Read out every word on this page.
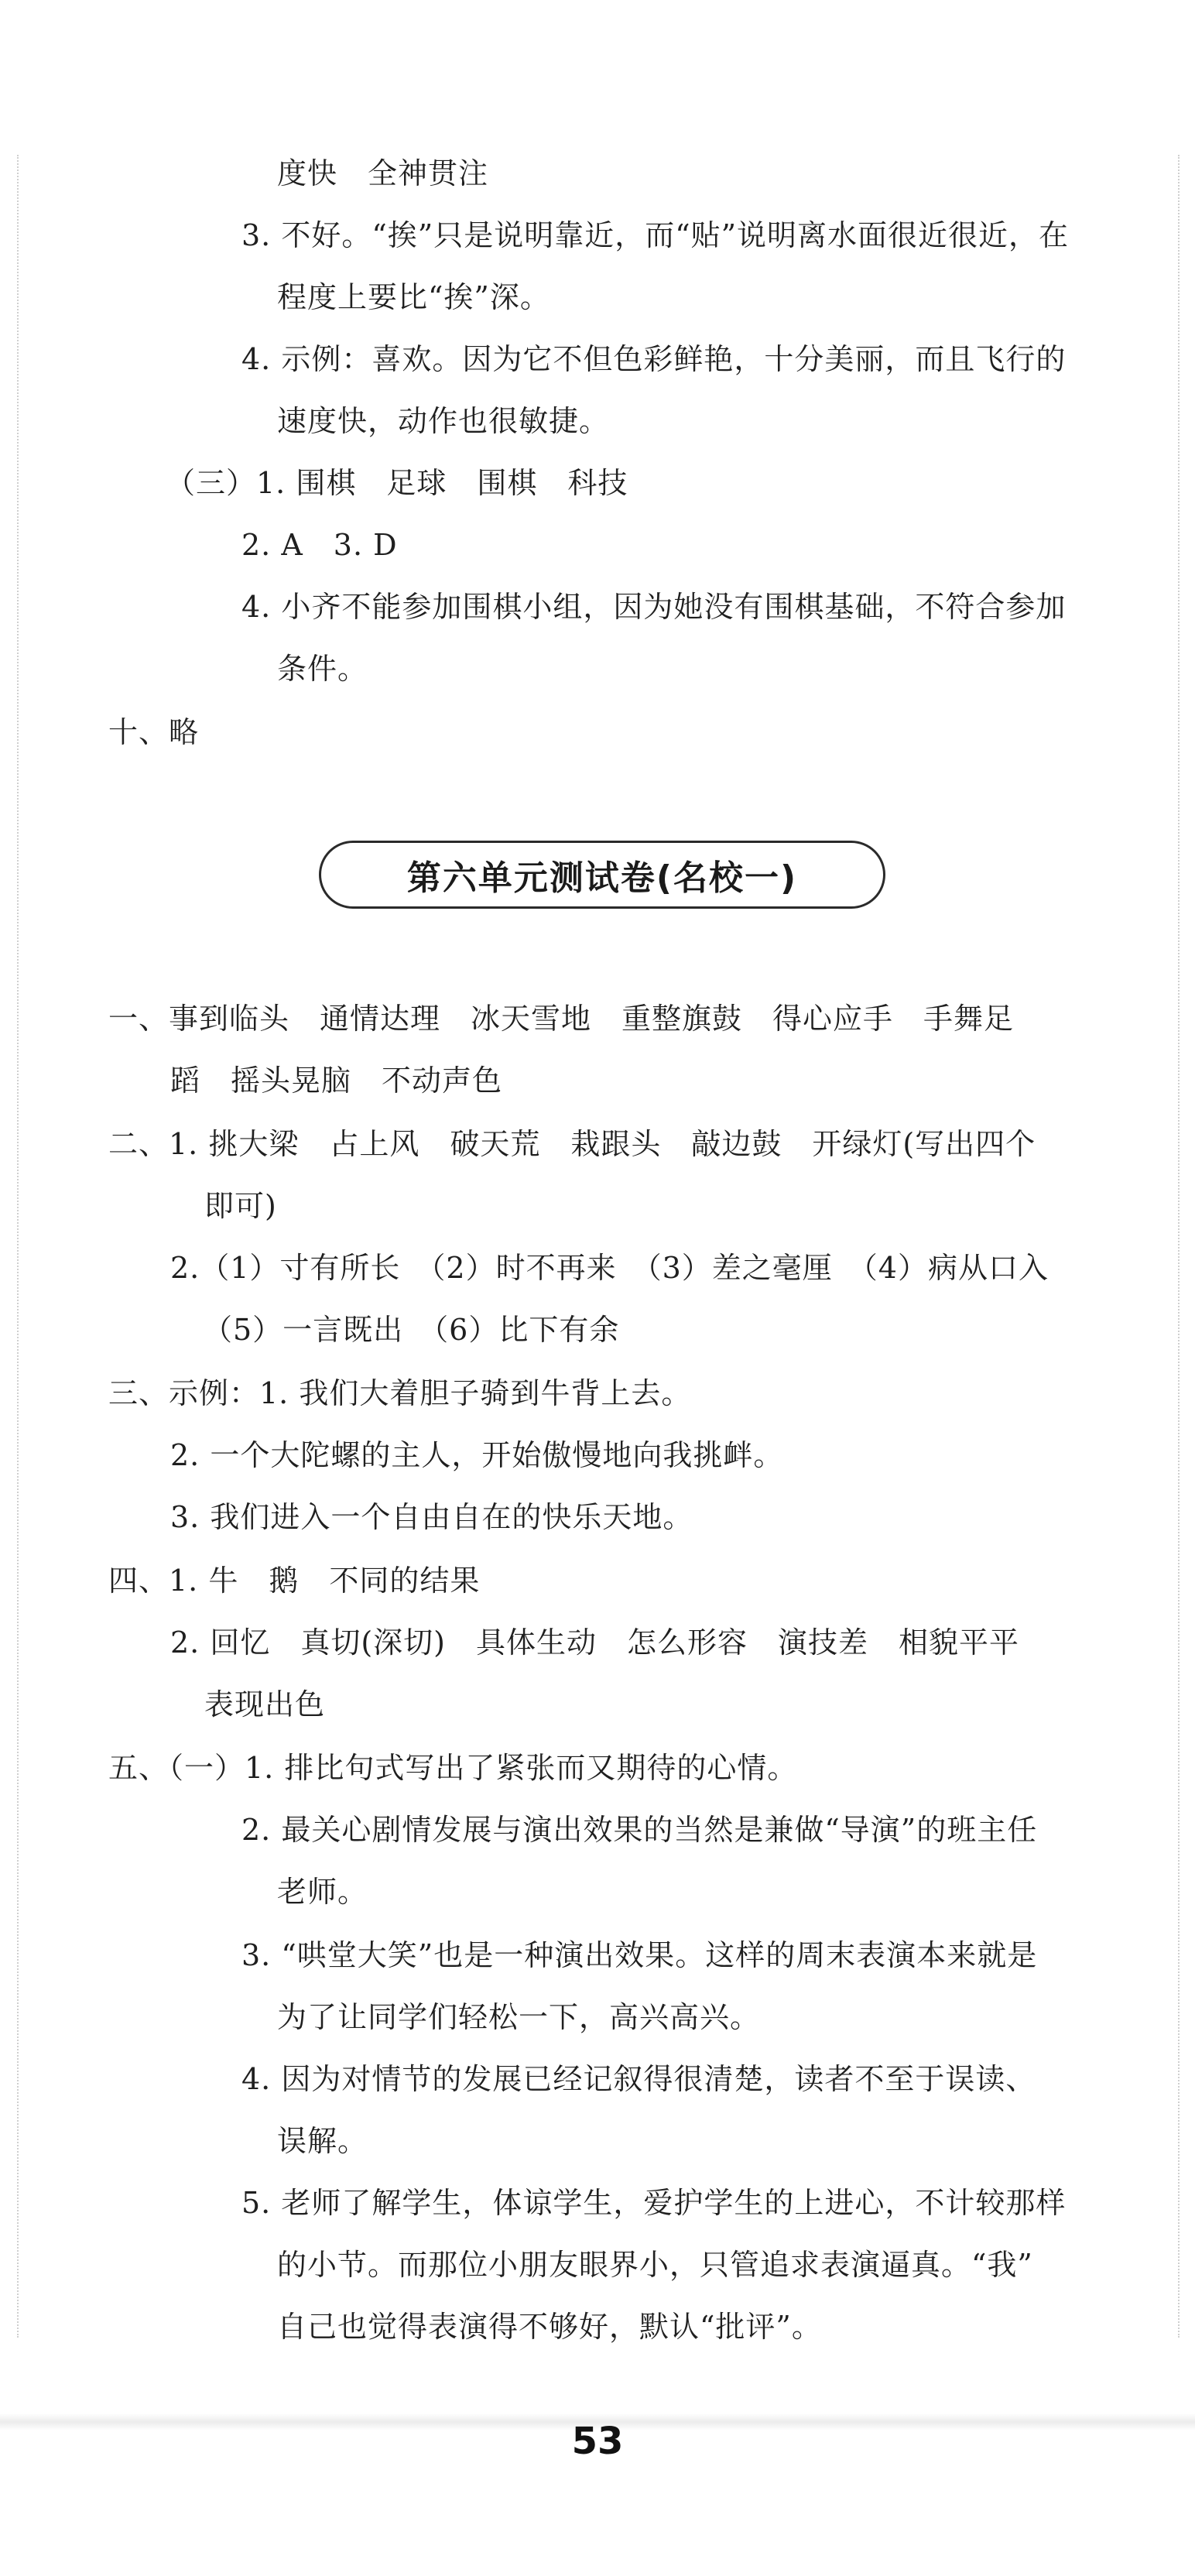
度快　全神贯注
3. 不好。“挨”只是说明靠近，而“贴”说明离水面很近很近，在
程度上要比“挨”深。
4. 示例：喜欢。因为它不但色彩鲜艳，十分美丽，而且飞行的
速度快，动作也很敏捷。
（三）1. 围棋　足球　围棋　科技
2. A　3. D
4. 小齐不能参加围棋小组，因为她没有围棋基础，不符合参加
条件。
十、略
第六单元测试卷(名校一)
一、事到临头　通情达理　冰天雪地　重整旗鼓　得心应手　手舞足
蹈　摇头晃脑　不动声色
二、1. 挑大梁　占上风　破天荒　栽跟头　敲边鼓　开绿灯(写出四个
即可)
2.（1）寸有所长　（2）时不再来　（3）差之毫厘　（4）病从口入
（5）一言既出　（6）比下有余
三、示例：1. 我们大着胆子骑到牛背上去。
2. 一个大陀螺的主人，开始傲慢地向我挑衅。
3. 我们进入一个自由自在的快乐天地。
四、1. 牛　鹅　不同的结果
2. 回忆　真切(深切)　具体生动　怎么形容　演技差　相貌平平
表现出色
五、（一）1. 排比句式写出了紧张而又期待的心情。
2. 最关心剧情发展与演出效果的当然是兼做“导演”的班主任
老师。
3. “哄堂大笑”也是一种演出效果。这样的周末表演本来就是
为了让同学们轻松一下，高兴高兴。
4. 因为对情节的发展已经记叙得很清楚，读者不至于误读、
误解。
5. 老师了解学生，体谅学生，爱护学生的上进心，不计较那样
的小节。而那位小朋友眼界小，只管追求表演逼真。“我”
自己也觉得表演得不够好，默认“批评”。
53
